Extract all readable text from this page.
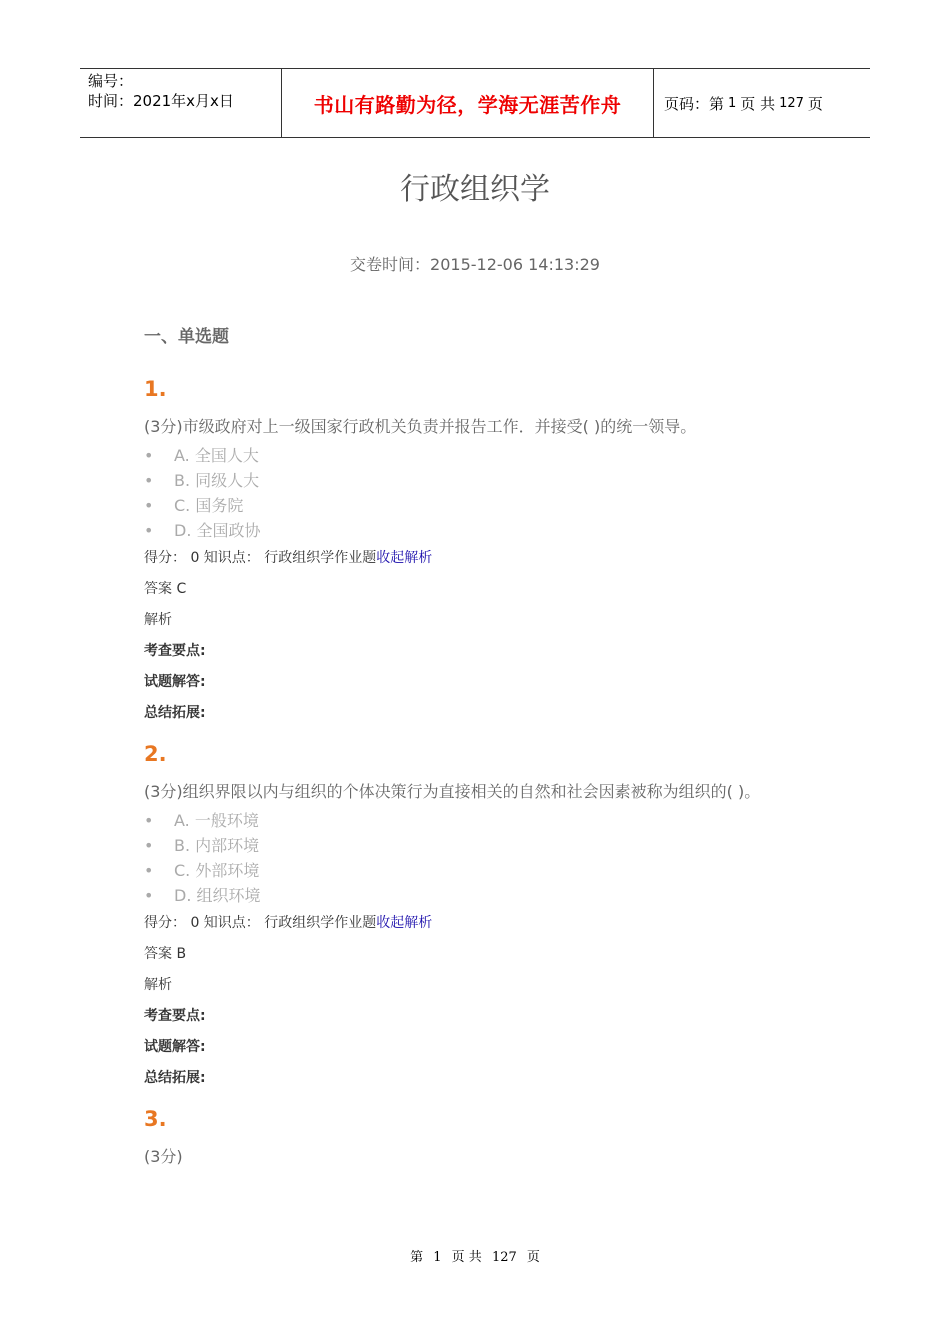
编号：
时间：2021年x月x日	书山有路勤为径，学海无涯苦作舟	页码：第 1 页 共 127 页
行政组织学
交卷时间：2015-12-06 14:13:29
一、单选题
1.
(3分)市级政府对上一级国家行政机关负责并报告工作．并接受( )的统一领导。
• A. 全国人大
• B. 同级人大
• C. 国务院
• D. 全国政协
得分： 0 知识点： 行政组织学作业题收起解析
答案 C
解析
考查要点:
试题解答:
总结拓展:
2.
(3分)组织界限以内与组织的个体决策行为直接相关的自然和社会因素被称为组织的( )。
• A. 一般环境
• B. 内部环境
• C. 外部环境
• D. 组织环境
得分： 0 知识点： 行政组织学作业题收起解析
答案 B
解析
考查要点:
试题解答:
总结拓展:
3.
(3分)
第 1 页 共 127 页
